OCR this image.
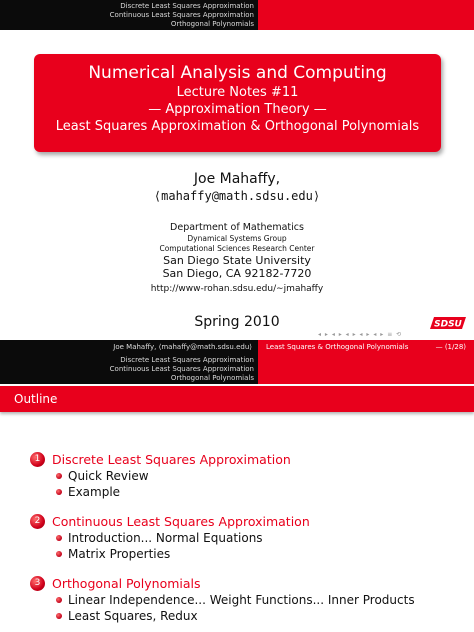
Discrete Least Squares Approximation
Continuous Least Squares Approximation
Orthogonal Polynomials
Numerical Analysis and Computing
Lecture Notes #11
— Approximation Theory —
Least Squares Approximation & Orthogonal Polynomials
Joe Mahaffy,
⟨mahaffy@math.sdsu.edu⟩
Department of Mathematics
Dynamical Systems Group
Computational Sciences Research Center
San Diego State University
San Diego, CA 92182-7720
http://www-rohan.sdsu.edu/∼jmahaffy
Spring 2010
◂ ▸ ◂ ▸ ◂ ▸ ◂ ▸ ◂ ▸ ≡ ⟲
SDSU
Joe Mahaffy, ⟨mahaffy@math.sdsu.edu⟩	Least Squares & Orthogonal Polynomials	— (1/28)
Discrete Least Squares Approximation
Continuous Least Squares Approximation
Orthogonal Polynomials
Outline
1 Discrete Least Squares Approximation
Quick Review
Example
2 Continuous Least Squares Approximation
Introduction... Normal Equations
Matrix Properties
3 Orthogonal Polynomials
Linear Independence... Weight Functions... Inner Products
Least Squares, Redux
